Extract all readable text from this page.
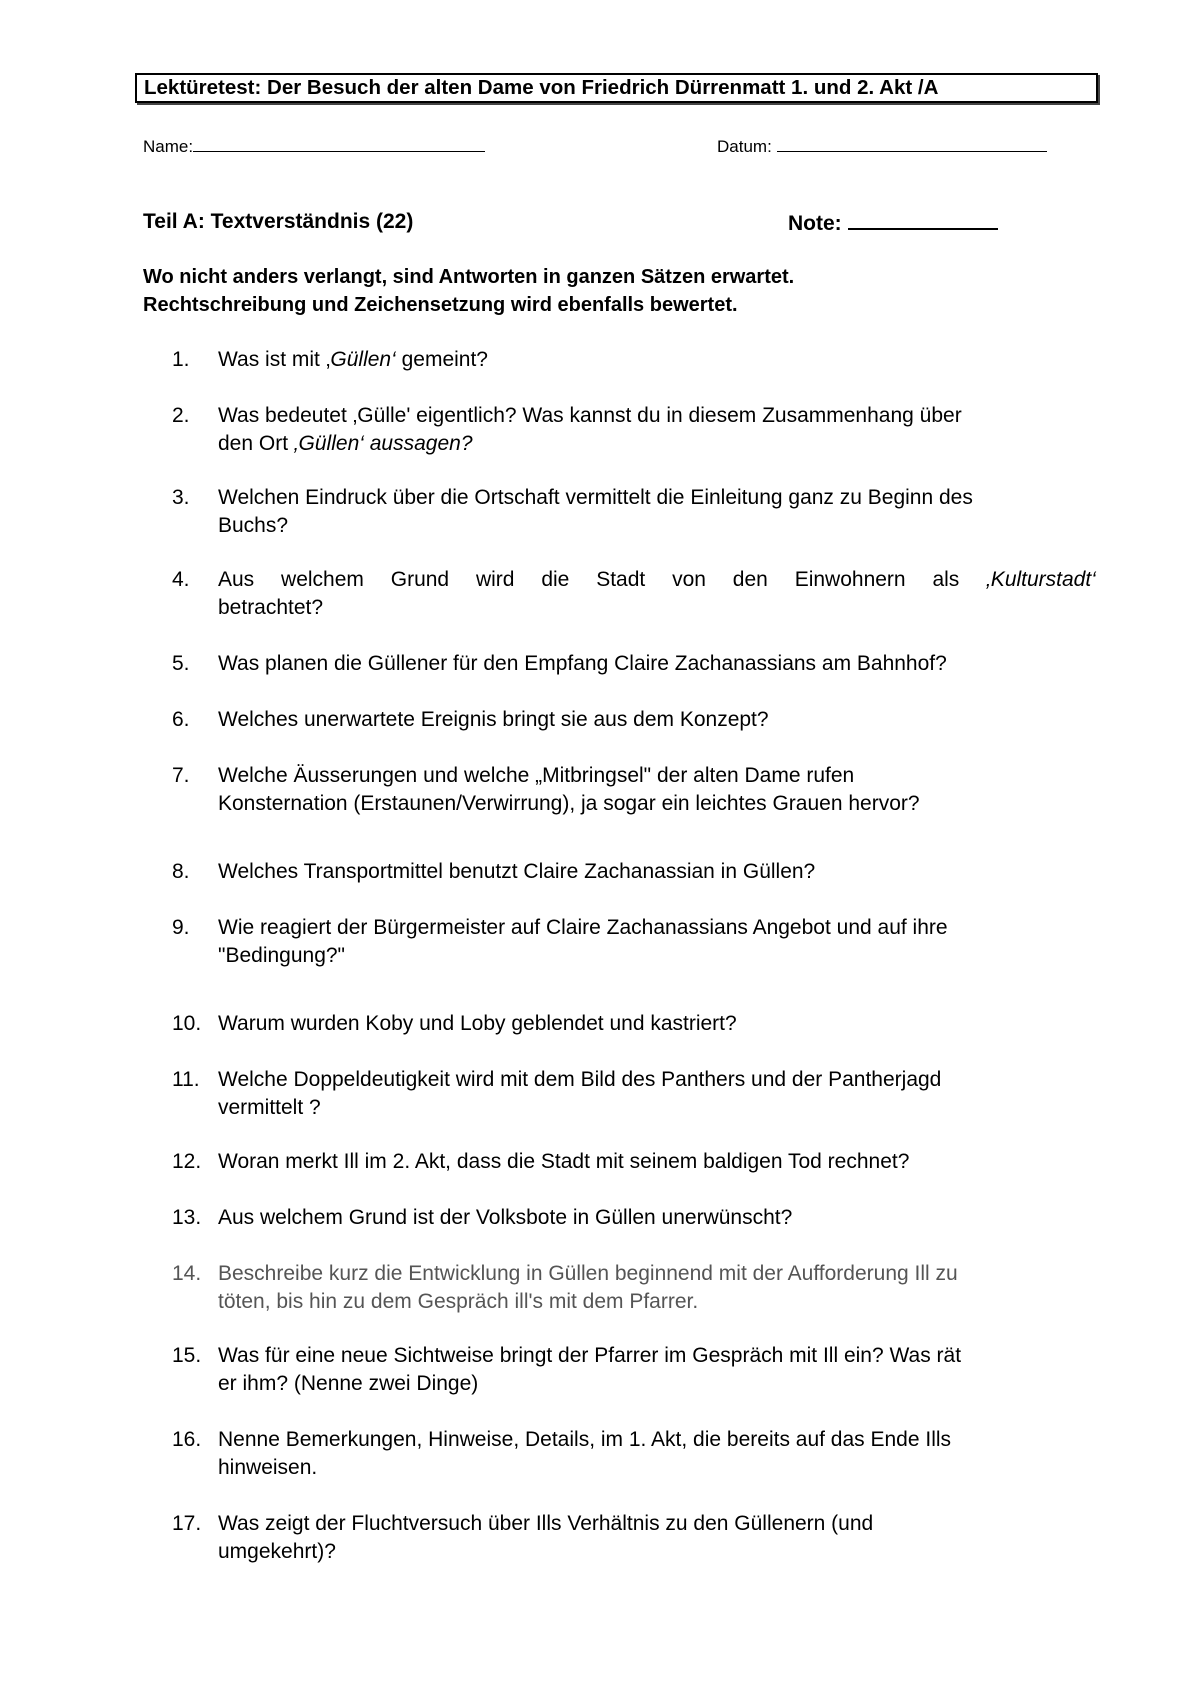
Lektüretest: Der Besuch der alten Dame von Friedrich Dürrenmatt 1. und 2. Akt /A
Name:	Datum:
Teil A: Textverständnis (22)	Note:
Wo nicht anders verlangt, sind Antworten in ganzen Sätzen erwartet.
Rechtschreibung und Zeichensetzung wird ebenfalls bewertet.
1.	Was ist mit ‚Güllen‘ gemeint?
2.	Was bedeutet ‚Gülle' eigentlich? Was kannst du in diesem Zusammenhang über
den Ort ‚Güllen‘ aussagen?
3.	Welchen Eindruck über die Ortschaft vermittelt die Einleitung ganz zu Beginn des
Buchs?
4.	Aus welchem Grund wird die Stadt von den Einwohnern als ‚Kulturstadt‘
betrachtet?
5.	Was planen die Güllener für den Empfang Claire Zachanassians am Bahnhof?
6.	Welches unerwartete Ereignis bringt sie aus dem Konzept?
7.	Welche Äusserungen und welche „Mitbringsel" der alten Dame rufen
Konsternation (Erstaunen/Verwirrung), ja sogar ein leichtes Grauen hervor?
8.	Welches Transportmittel benutzt Claire Zachanassian in Güllen?
9.	Wie reagiert der Bürgermeister auf Claire Zachanassians Angebot und auf ihre
"Bedingung?"
10. Warum wurden Koby und Loby geblendet und kastriert?
11. Welche Doppeldeutigkeit wird mit dem Bild des Panthers und der Pantherjagd
vermittelt ?
12. Woran merkt Ill im 2. Akt, dass die Stadt mit seinem baldigen Tod rechnet?
13. Aus welchem Grund ist der Volksbote in Güllen unerwünscht?
14. Beschreibe kurz die Entwicklung in Güllen beginnend mit der Aufforderung Ill zu
töten, bis hin zu dem Gespräch ill's mit dem Pfarrer.
15. Was für eine neue Sichtweise bringt der Pfarrer im Gespräch mit Ill ein? Was rät
er ihm? (Nenne zwei Dinge)
16. Nenne Bemerkungen, Hinweise, Details, im 1. Akt, die bereits auf das Ende Ills
hinweisen.
17. Was zeigt der Fluchtversuch über Ills Verhältnis zu den Güllenern (und
umgekehrt)?
